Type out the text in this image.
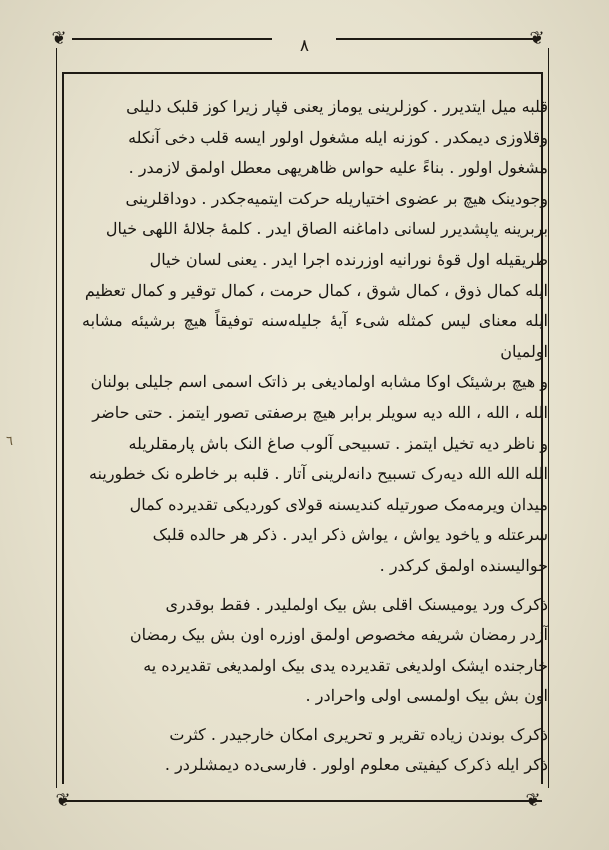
❦	❦
❦	❦
٨
٦

قلبه میل ایتدیرر . کوزلرینی یوماز یعنی قپار زیرا کوز قلبک دلیلی

وقلاوزی دیمکدر . کوزنه ایله مشغول اولور ایسه قلب دخی آنکله

مشغول اولور . بناءً علیه حواس ظاهریهی معطل اولمق لازمدر .

وجودینک هیچ بر عضوی اختیاریله حرکت ایتمیه‌جکدر . دوداقلرینی

بربرینه یاپشدیرر لسانی داماغنه الصاق ایدر . کلمهٔ جلالهٔ اللهی خیال

طریقیله اول قوهٔ نورانیه اوزرنده اجرا ایدر . یعنی لسان خیال

ایله کمال ذوق ، کمال شوق ، کمال حرمت ، کمال توقیر و کمال تعظیم

ایله معنای لیس کمثله شیء آیهٔ جلیله‌سنه توفیقاً هیچ برشیئه مشابه اولمیان

و هیچ برشیئک اوکا مشابه اولمادیغی بر ذاتک اسمی اسم جلیلی بولنان

الله ، الله ، الله دیه سویلر برابر هیچ برصفتی تصور ایتمز . حتی حاضر

و ناظر دیه تخیل ایتمز . تسبیحی آلوب صاغ النک باش پارمقلریله

الله الله الله دیه‌رک تسبیح دانه‌لرینی آتار . قلبه بر خاطره نک خطورینه

میدان ویرمه‌مک صورتیله کندیسنه قولای کوردیکی تقدیرده کمال

سرعتله و یاخود یواش ، یواش ذکر ایدر . ذکر هر حالده قلبک

حوالیسنده اولمق کرکدر .

ذکرک ورد یومیسنک اقلی بش بیک اولملیدر . فقط بوقدری

آزدر رمضان شریفه مخصوص اولمق اوزره اون بش بیک رمضان

خارجنده ایشک اولدیغی تقدیرده یدی بیک اولمدیغی تقدیرده یه

اون بش بیک اولمسی اولی واحرادر .

ذکرک بوندن زیاده تقریر و تحریری امکان خارجیدر . کثرت

ذکر ایله ذکرک کیفیتی معلوم اولور . فارسی‌ده دیمشلردر .
